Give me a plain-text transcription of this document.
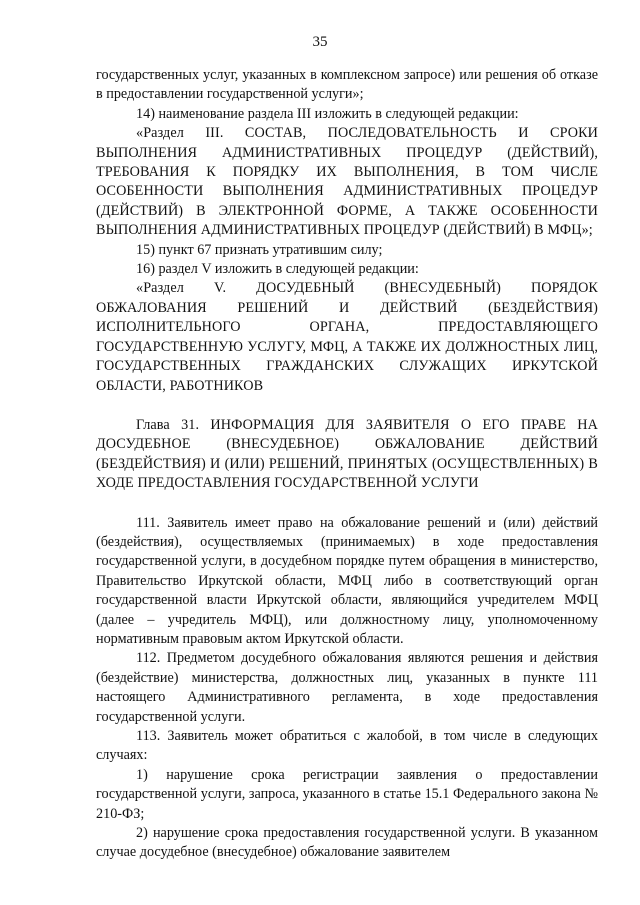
35

государственных услуг, указанных в комплексном запросе) или решения об отказе в предоставлении государственной услуги»;

14) наименование раздела III изложить в следующей редакции:

«Раздел III. СОСТАВ, ПОСЛЕДОВАТЕЛЬНОСТЬ И СРОКИ ВЫПОЛНЕНИЯ АДМИНИСТРАТИВНЫХ ПРОЦЕДУР (ДЕЙСТВИЙ), ТРЕБОВАНИЯ К ПОРЯДКУ ИХ ВЫПОЛНЕНИЯ, В ТОМ ЧИСЛЕ ОСОБЕННОСТИ ВЫПОЛНЕНИЯ АДМИНИСТРАТИВНЫХ ПРОЦЕДУР (ДЕЙСТВИЙ) В ЭЛЕКТРОННОЙ ФОРМЕ, А ТАКЖЕ ОСОБЕННОСТИ ВЫПОЛНЕНИЯ АДМИНИСТРАТИВНЫХ ПРОЦЕДУР (ДЕЙСТВИЙ) В МФЦ»;

15) пункт 67 признать утратившим силу;

16) раздел V изложить в следующей редакции:

«Раздел V. ДОСУДЕБНЫЙ (ВНЕСУДЕБНЫЙ) ПОРЯДОК ОБЖАЛОВАНИЯ РЕШЕНИЙ И ДЕЙСТВИЙ (БЕЗДЕЙСТВИЯ) ИСПОЛНИТЕЛЬНОГО ОРГАНА, ПРЕДОСТАВЛЯЮЩЕГО ГОСУДАРСТВЕННУЮ УСЛУГУ, МФЦ, А ТАКЖЕ ИХ ДОЛЖНОСТНЫХ ЛИЦ, ГОСУДАРСТВЕННЫХ ГРАЖДАНСКИХ СЛУЖАЩИХ ИРКУТСКОЙ ОБЛАСТИ, РАБОТНИКОВ

Глава 31. ИНФОРМАЦИЯ ДЛЯ ЗАЯВИТЕЛЯ О ЕГО ПРАВЕ НА ДОСУДЕБНОЕ (ВНЕСУДЕБНОЕ) ОБЖАЛОВАНИЕ ДЕЙСТВИЙ (БЕЗДЕЙСТВИЯ) И (ИЛИ) РЕШЕНИЙ, ПРИНЯТЫХ (ОСУЩЕСТВЛЕННЫХ) В ХОДЕ ПРЕДОСТАВЛЕНИЯ ГОСУДАРСТВЕННОЙ УСЛУГИ

111. Заявитель имеет право на обжалование решений и (или) действий (бездействия), осуществляемых (принимаемых) в ходе предоставления государственной услуги, в досудебном порядке путем обращения в министерство, Правительство Иркутской области, МФЦ либо в соответствующий орган государственной власти Иркутской области, являющийся учредителем МФЦ (далее – учредитель МФЦ), или должностному лицу, уполномоченному нормативным правовым актом Иркутской области.

112. Предметом досудебного обжалования являются решения и действия (бездействие) министерства, должностных лиц, указанных в пункте 111 настоящего Административного регламента, в ходе предоставления государственной услуги.

113. Заявитель может обратиться с жалобой, в том числе в следующих случаях:

1) нарушение срока регистрации заявления о предоставлении государственной услуги, запроса, указанного в статье 15.1 Федерального закона № 210-ФЗ;

2) нарушение срока предоставления государственной услуги. В указанном случае досудебное (внесудебное) обжалование заявителем
